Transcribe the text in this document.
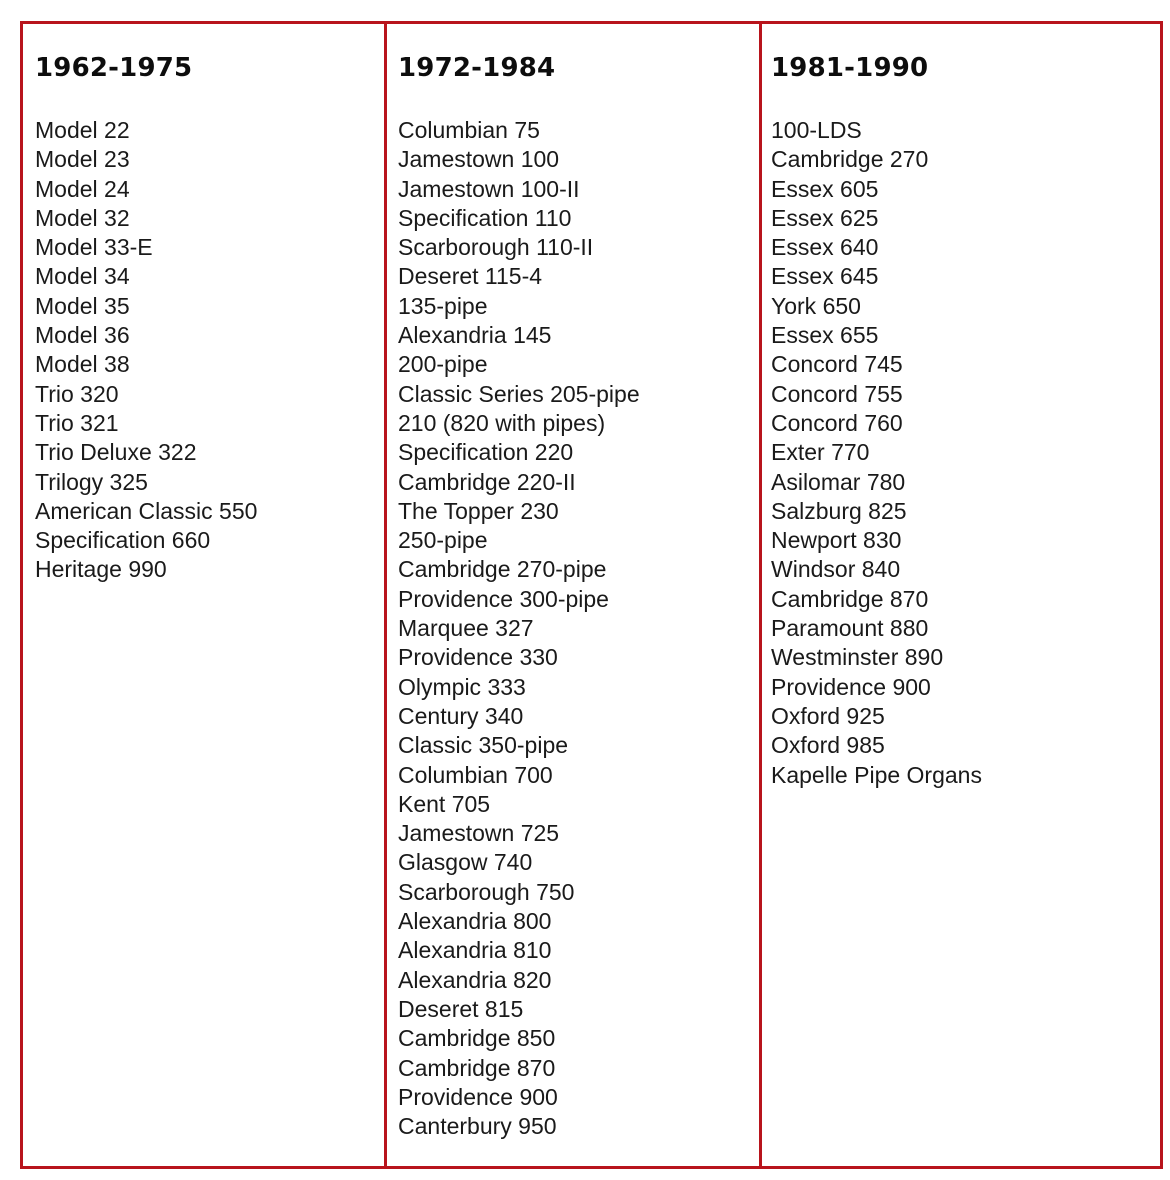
1962-1975
Model 22
Model 23
Model 24
Model 32
Model 33-E
Model 34
Model 35
Model 36
Model 38
Trio 320
Trio 321
Trio Deluxe 322
Trilogy 325
American Classic 550
Specification 660
Heritage 990
1972-1984
Columbian 75
Jamestown 100
Jamestown 100-II
Specification 110
Scarborough 110-II
Deseret 115-4
135-pipe
Alexandria 145
200-pipe
Classic Series 205-pipe
210 (820 with pipes)
Specification 220
Cambridge 220-II
The Topper 230
250-pipe
Cambridge 270-pipe
Providence 300-pipe
Marquee 327
Providence 330
Olympic 333
Century 340
Classic 350-pipe
Columbian 700
Kent 705
Jamestown 725
Glasgow 740
Scarborough 750
Alexandria 800
Alexandria 810
Alexandria 820
Deseret 815
Cambridge 850
Cambridge 870
Providence 900
Canterbury 950
1981-1990
100-LDS
Cambridge 270
Essex 605
Essex 625
Essex 640
Essex 645
York 650
Essex 655
Concord 745
Concord 755
Concord 760
Exter 770
Asilomar 780
Salzburg 825
Newport 830
Windsor 840
Cambridge 870
Paramount 880
Westminster 890
Providence 900
Oxford 925
Oxford 985
Kapelle Pipe Organs
